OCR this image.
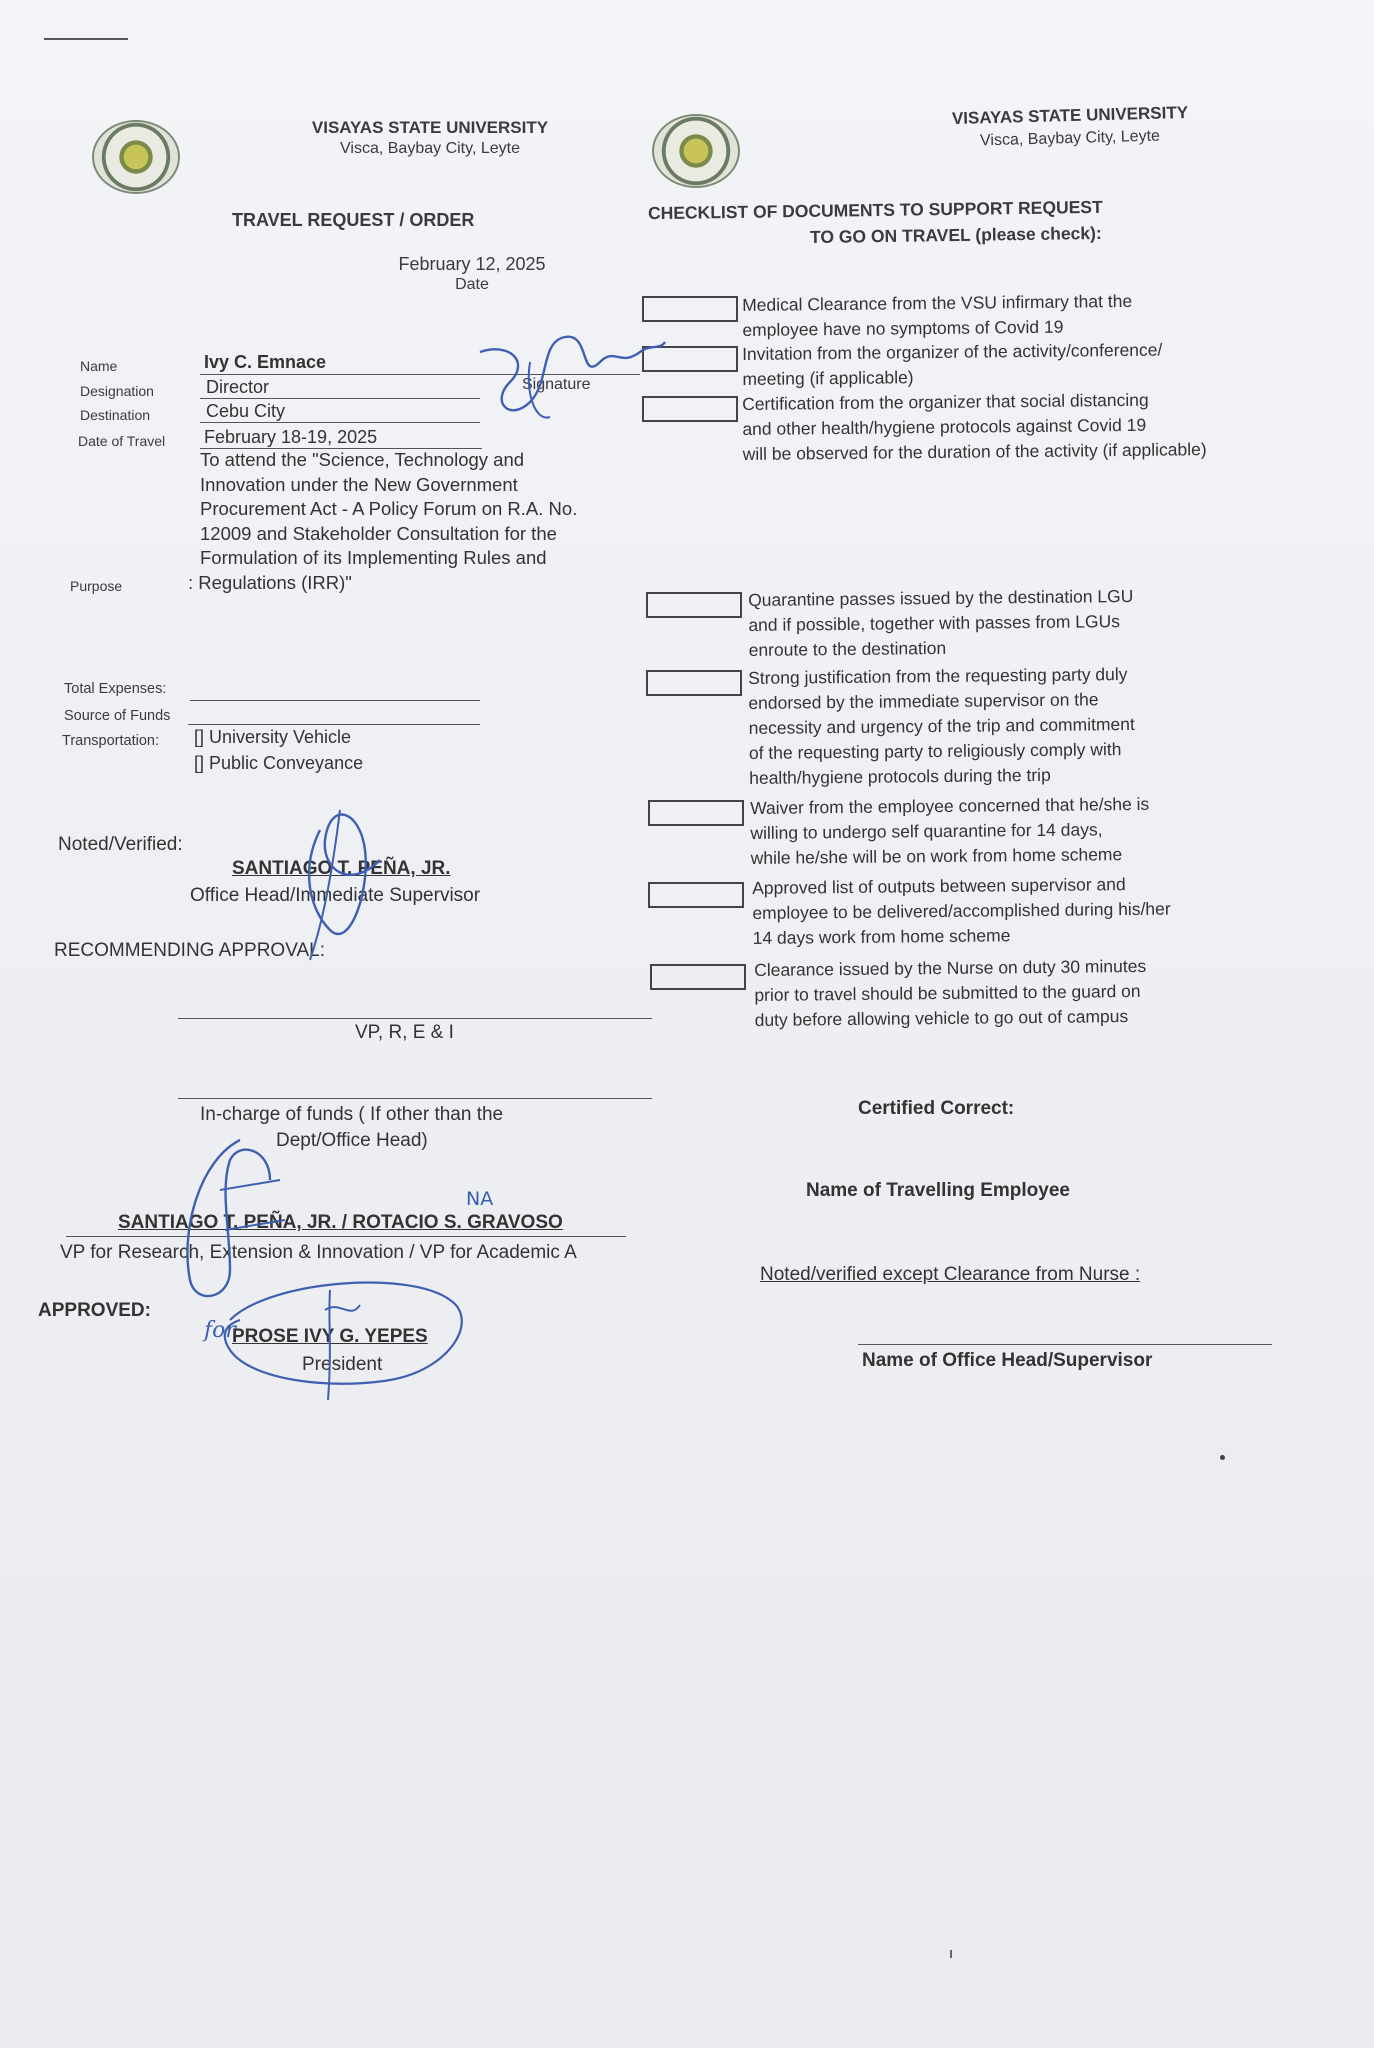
VISAYAS STATE UNIVERSITY
Visca, Baybay City, Leyte
TRAVEL REQUEST / ORDER
February 12, 2025
Date
VISAYAS STATE UNIVERSITY
Visca, Baybay City, Leyte
CHECKLIST OF DOCUMENTS TO SUPPORT REQUEST
TO GO ON TRAVEL (please check):
Name	Ivy C. Emnace
Designation	Director	Signature
Destination	Cebu City
Date of Travel February 18-19, 2025
To attend the "Science, Technology and
Innovation under the New Government
Procurement Act - A Policy Forum on R.A. No.
12009 and Stakeholder Consultation for the
Formulation of its Implementing Rules and
: Regulations (IRR)"
Purpose
Total Expenses:
Source of Funds
Transportation: [] University Vehicle
[] Public Conveyance
Noted/Verified:
SANTIAGO T. PEÑA, JR.
Office Head/Immediate Supervisor
RECOMMENDING APPROVAL:
VP, R, E & I
In-charge of funds ( If other than the
Dept/Office Head)
NA
SANTIAGO T. PEÑA, JR. / ROTACIO S. GRAVOSO
VP for Research, Extension & Innovation / VP for Academic A
APPROVED:
for
PROSE IVY G. YEPES
President
Medical Clearance from the VSU infirmary that the
employee have no symptoms of Covid 19
Invitation from the organizer of the activity/conference/
meeting (if applicable)
Certification from the organizer that social distancing
and other health/hygiene protocols against Covid 19
will be observed for the duration of the activity (if applicable)
Quarantine passes issued by the destination LGU
and if possible, together with passes from LGUs
enroute to the destination
Strong justification from the requesting party duly
endorsed by the immediate supervisor on the
necessity and urgency of the trip and commitment
of the requesting party to religiously comply with
health/hygiene protocols during the trip
Waiver from the employee concerned that he/she is
willing to undergo self quarantine for 14 days,
while he/she will be on work from home scheme
Approved list of outputs between supervisor and
employee to be delivered/accomplished during his/her
14 days work from home scheme
Clearance issued by the Nurse on duty 30 minutes
prior to travel should be submitted to the guard on
duty before allowing vehicle to go out of campus
Certified Correct:
Name of Travelling Employee
Noted/verified except Clearance from Nurse :
Name of Office Head/Supervisor
